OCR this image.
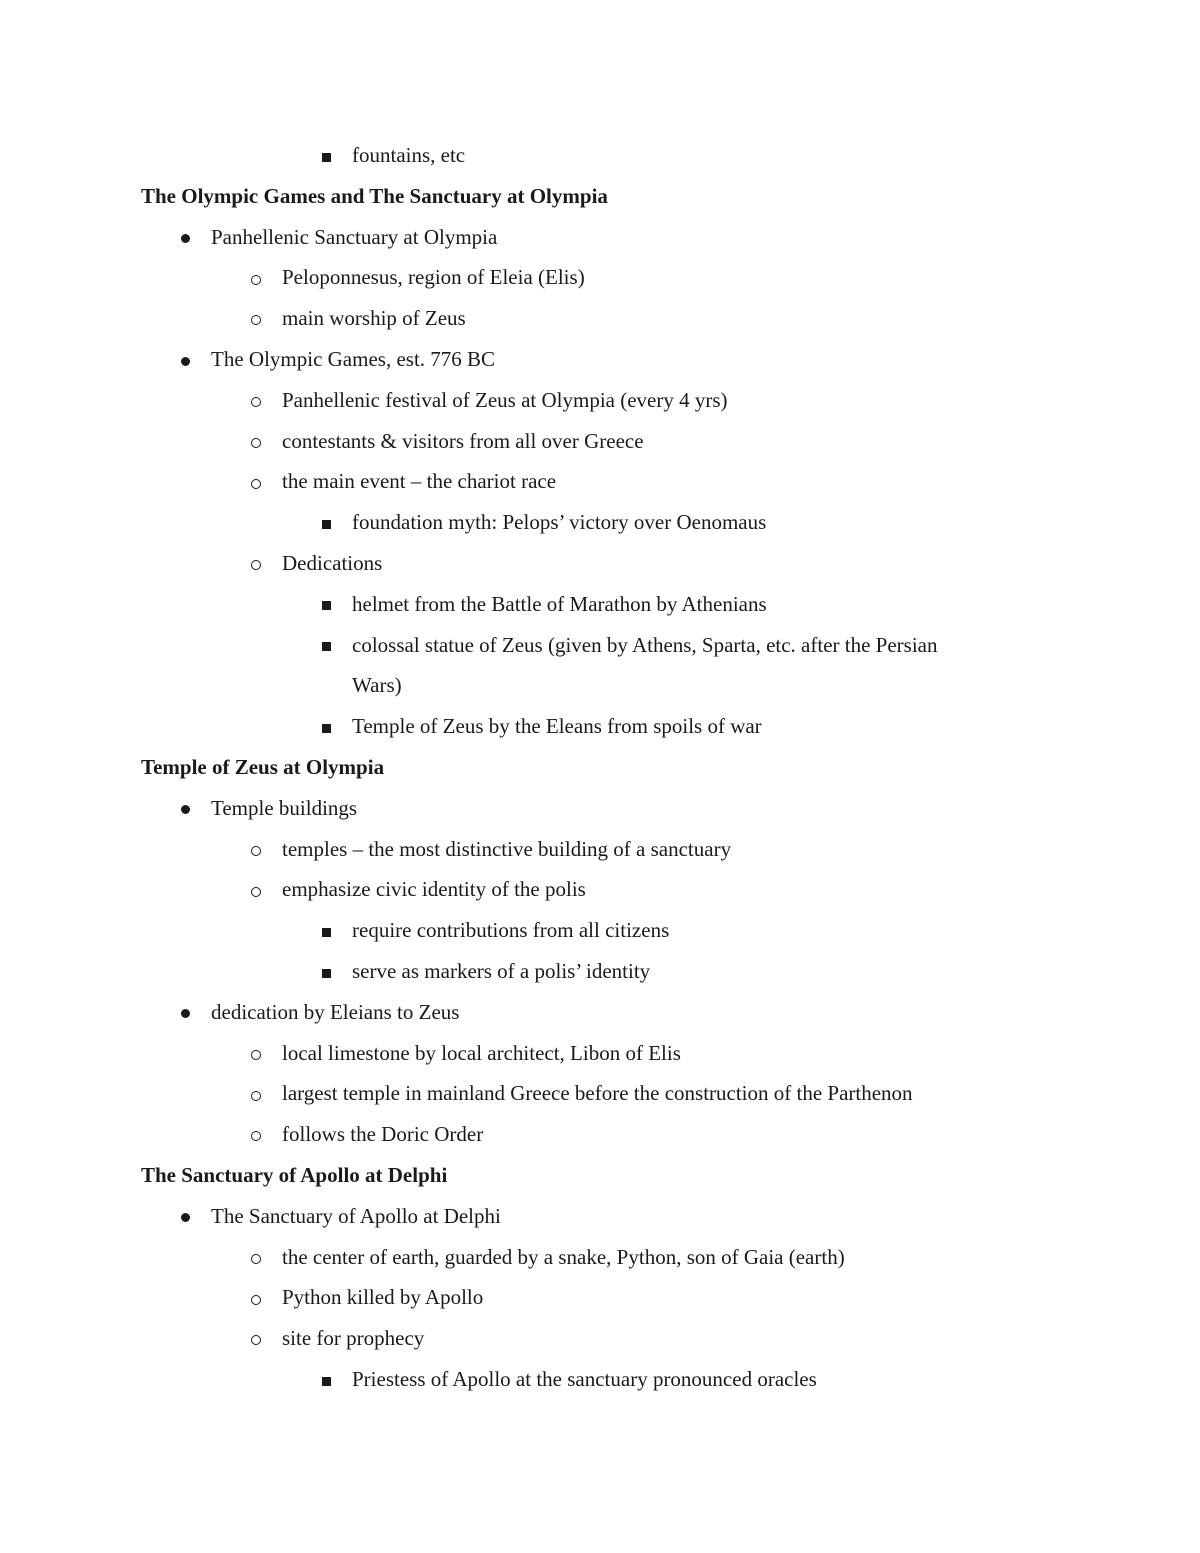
fountains, etc
The Olympic Games and The Sanctuary at Olympia
Panhellenic Sanctuary at Olympia
Peloponnesus, region of Eleia (Elis)
main worship of Zeus
The Olympic Games, est. 776 BC
Panhellenic festival of Zeus at Olympia (every 4 yrs)
contestants & visitors from all over Greece
the main event – the chariot race
foundation myth: Pelops’ victory over Oenomaus
Dedications
helmet from the Battle of Marathon by Athenians
colossal statue of Zeus (given by Athens, Sparta, etc. after the Persian
Wars)
Temple of Zeus by the Eleans from spoils of war
Temple of Zeus at Olympia
Temple buildings
temples – the most distinctive building of a sanctuary
emphasize civic identity of the polis
require contributions from all citizens
serve as markers of a polis’ identity
dedication by Eleians to Zeus
local limestone by local architect, Libon of Elis
largest temple in mainland Greece before the construction of the Parthenon
follows the Doric Order
The Sanctuary of Apollo at Delphi
The Sanctuary of Apollo at Delphi
the center of earth, guarded by a snake, Python, son of Gaia (earth)
Python killed by Apollo
site for prophecy
Priestess of Apollo at the sanctuary pronounced oracles
